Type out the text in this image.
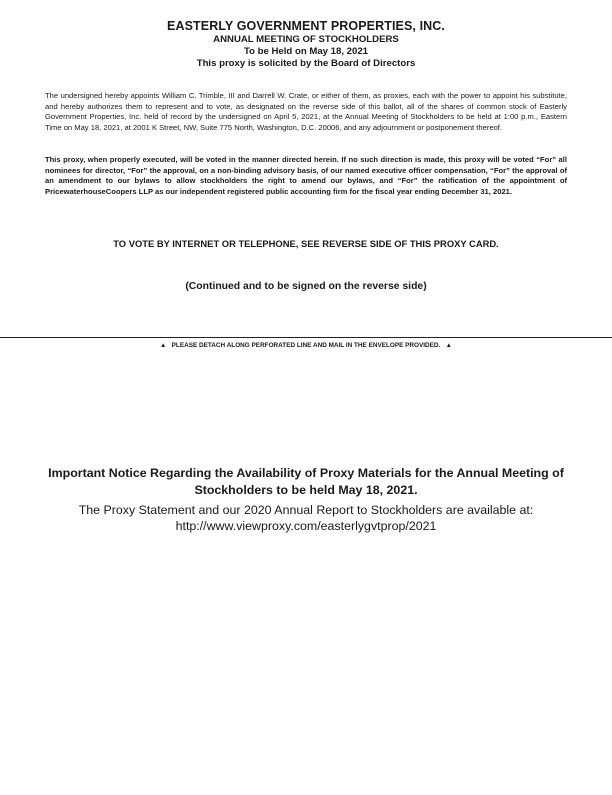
EASTERLY GOVERNMENT PROPERTIES, INC.
ANNUAL MEETING OF STOCKHOLDERS
To be Held on May 18, 2021
This proxy is solicited by the Board of Directors
The undersigned hereby appoints William C. Trimble, III and Darrell W. Crate, or either of them, as proxies, each with the power to appoint his substitute, and hereby authorizes them to represent and to vote, as designated on the reverse side of this ballot, all of the shares of common stock of Easterly Government Properties, Inc. held of record by the undersigned on April 5, 2021, at the Annual Meeting of Stockholders to be held at 1:00 p.m., Eastern Time on May 18, 2021, at 2001 K Street, NW, Suite 775 North, Washington, D.C. 20006, and any adjournment or postponement thereof.
This proxy, when properly executed, will be voted in the manner directed herein. If no such direction is made, this proxy will be voted “For” all nominees for director, “For” the approval, on a non-binding advisory basis, of our named executive officer compensation, “For” the approval of an amendment to our bylaws to allow stockholders the right to amend our bylaws, and “For” the ratification of the appointment of PricewaterhouseCoopers LLP as our independent registered public accounting firm for the fiscal year ending December 31, 2021.
TO VOTE BY INTERNET OR TELEPHONE, SEE REVERSE SIDE OF THIS PROXY CARD.
(Continued and to be signed on the reverse side)
▲ PLEASE DETACH ALONG PERFORATED LINE AND MAIL IN THE ENVELOPE PROVIDED. ▲
Important Notice Regarding the Availability of Proxy Materials for the Annual Meeting of Stockholders to be held May 18, 2021.
The Proxy Statement and our 2020 Annual Report to Stockholders are available at:
http://www.viewproxy.com/easterlygvtprop/2021
